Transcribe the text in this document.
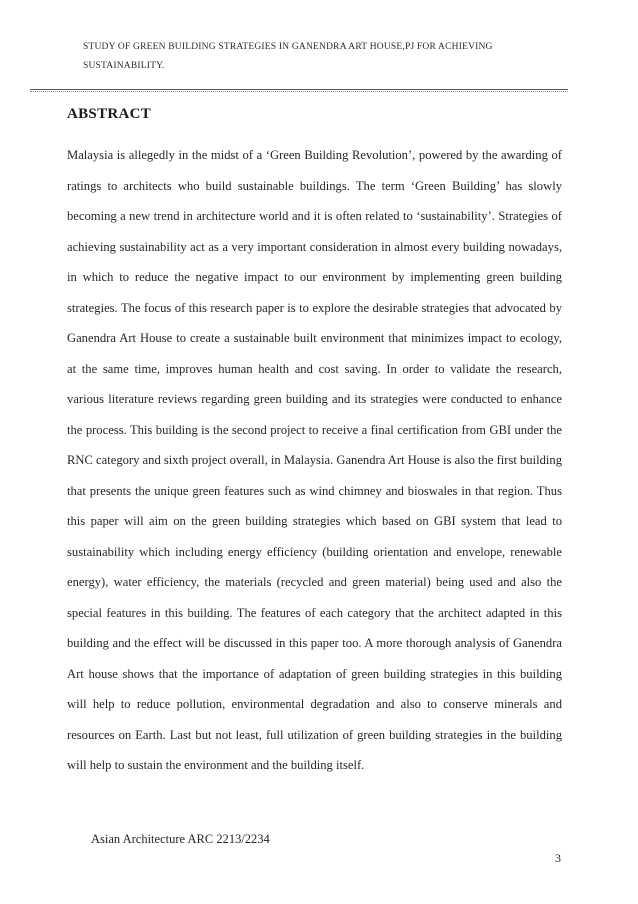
STUDY OF GREEN BUILDING STRATEGIES IN GANENDRA ART HOUSE,PJ FOR ACHIEVING
SUSTAINABILITY.
ABSTRACT
Malaysia is allegedly in the midst of a ‘Green Building Revolution’, powered by the awarding of ratings to architects who build sustainable buildings. The term ‘Green Building’ has slowly becoming a new trend in architecture world and it is often related to ‘sustainability’. Strategies of achieving sustainability act as a very important consideration in almost every building nowadays, in which to reduce the negative impact to our environment by implementing green building strategies. The focus of this research paper is to explore the desirable strategies that advocated by Ganendra Art House to create a sustainable built environment that minimizes impact to ecology, at the same time, improves human health and cost saving. In order to validate the research, various literature reviews regarding green building and its strategies were conducted to enhance the process. This building is the second project to receive a final certification from GBI under the RNC category and sixth project overall, in Malaysia. Ganendra Art House is also the first building that presents the unique green features such as wind chimney and bioswales in that region. Thus this paper will aim on the green building strategies which based on GBI system that lead to sustainability which including energy efficiency (building orientation and envelope, renewable energy), water efficiency, the materials (recycled and green material) being used and also the special features in this building. The features of each category that the architect adapted in this building and the effect will be discussed in this paper too. A more thorough analysis of Ganendra Art house shows that the importance of adaptation of green building strategies in this building will help to reduce pollution, environmental degradation and also to conserve minerals and resources on Earth. Last but not least, full utilization of green building strategies in the building will help to sustain the environment and the building itself.
Asian Architecture ARC 2213/2234
3
